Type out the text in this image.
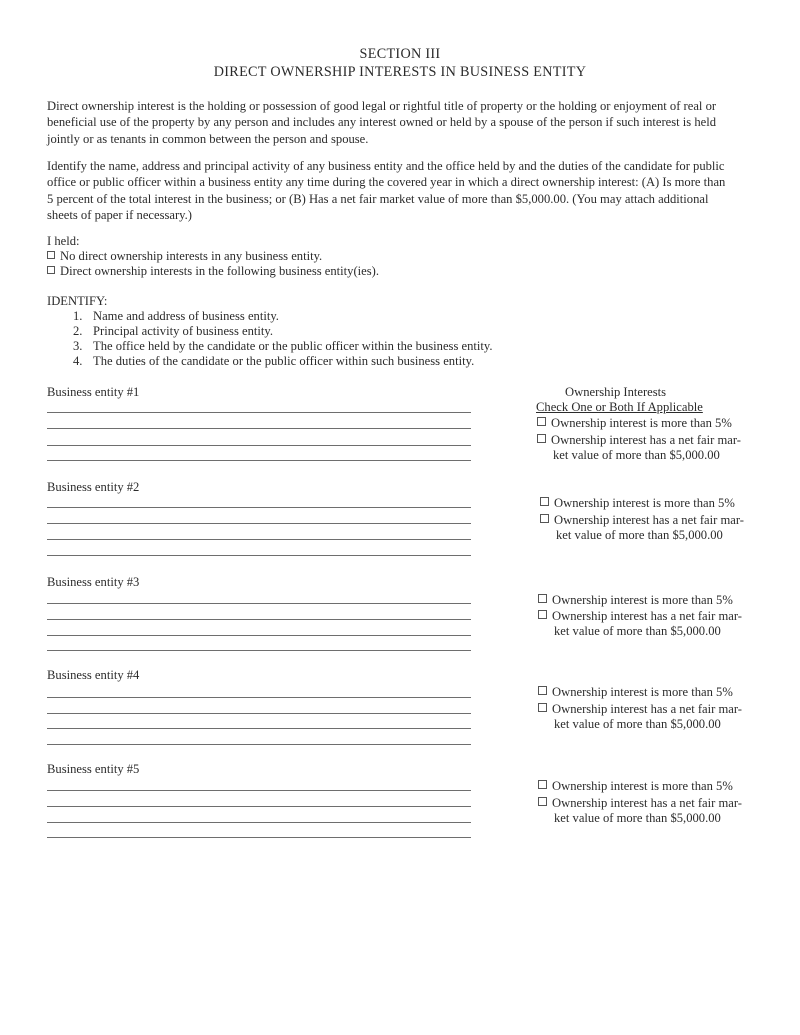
SECTION III
DIRECT OWNERSHIP INTERESTS IN BUSINESS ENTITY
Direct ownership interest is the holding or possession of good legal or rightful title of property or the holding or enjoyment of real or
beneficial use of the property by any person and includes any interest owned or held by a spouse of the person if such interest is held
jointly or as tenants in common between the person and spouse.
Identify the name, address and principal activity of any business entity and the office held by and the duties of the candidate for public
office or public officer within a business entity any time during the covered year in which a direct ownership interest: (A) Is more than
5 percent of the total interest in the business; or (B) Has a net fair market value of more than $5,000.00. (You may attach additional
sheets of paper if necessary.)
I held:
No direct ownership interests in any business entity.
Direct ownership interests in the following business entity(ies).
IDENTIFY:
1. Name and address of business entity.
2. Principal activity of business entity.
3. The office held by the candidate or the public officer within the business entity.
4. The duties of the candidate or the public officer within such business entity.
Ownership Interests
Check One or Both If Applicable
Business entity #1
Ownership interest is more than 5%
Ownership interest has a net fair mar-
ket value of more than $5,000.00
Business entity #2
Ownership interest is more than 5%
Ownership interest has a net fair mar-
ket value of more than $5,000.00
Business entity #3
Ownership interest is more than 5%
Ownership interest has a net fair mar-
ket value of more than $5,000.00
Business entity #4
Ownership interest is more than 5%
Ownership interest has a net fair mar-
ket value of more than $5,000.00
Business entity #5
Ownership interest is more than 5%
Ownership interest has a net fair mar-
ket value of more than $5,000.00
